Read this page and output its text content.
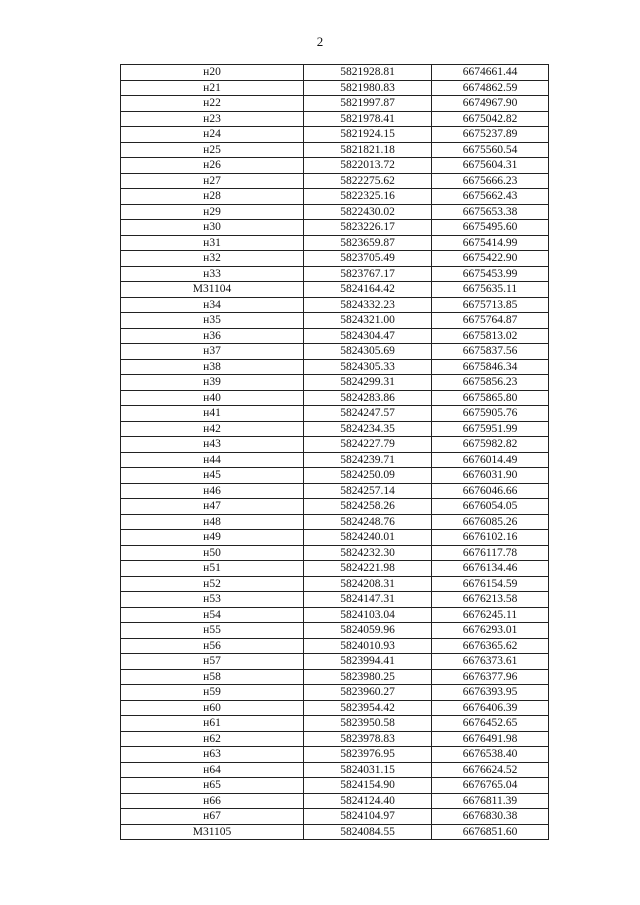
2
н20	5821928.81	6674661.44
н21	5821980.83	6674862.59
н22	5821997.87	6674967.90
н23	5821978.41	6675042.82
н24	5821924.15	6675237.89
н25	5821821.18	6675560.54
н26	5822013.72	6675604.31
н27	5822275.62	6675666.23
н28	5822325.16	6675662.43
н29	5822430.02	6675653.38
н30	5823226.17	6675495.60
н31	5823659.87	6675414.99
н32	5823705.49	6675422.90
н33	5823767.17	6675453.99
М31104	5824164.42	6675635.11
н34	5824332.23	6675713.85
н35	5824321.00	6675764.87
н36	5824304.47	6675813.02
н37	5824305.69	6675837.56
н38	5824305.33	6675846.34
н39	5824299.31	6675856.23
н40	5824283.86	6675865.80
н41	5824247.57	6675905.76
н42	5824234.35	6675951.99
н43	5824227.79	6675982.82
н44	5824239.71	6676014.49
н45	5824250.09	6676031.90
н46	5824257.14	6676046.66
н47	5824258.26	6676054.05
н48	5824248.76	6676085.26
н49	5824240.01	6676102.16
н50	5824232.30	6676117.78
н51	5824221.98	6676134.46
н52	5824208.31	6676154.59
н53	5824147.31	6676213.58
н54	5824103.04	6676245.11
н55	5824059.96	6676293.01
н56	5824010.93	6676365.62
н57	5823994.41	6676373.61
н58	5823980.25	6676377.96
н59	5823960.27	6676393.95
н60	5823954.42	6676406.39
н61	5823950.58	6676452.65
н62	5823978.83	6676491.98
н63	5823976.95	6676538.40
н64	5824031.15	6676624.52
н65	5824154.90	6676765.04
н66	5824124.40	6676811.39
н67	5824104.97	6676830.38
М31105	5824084.55	6676851.60
